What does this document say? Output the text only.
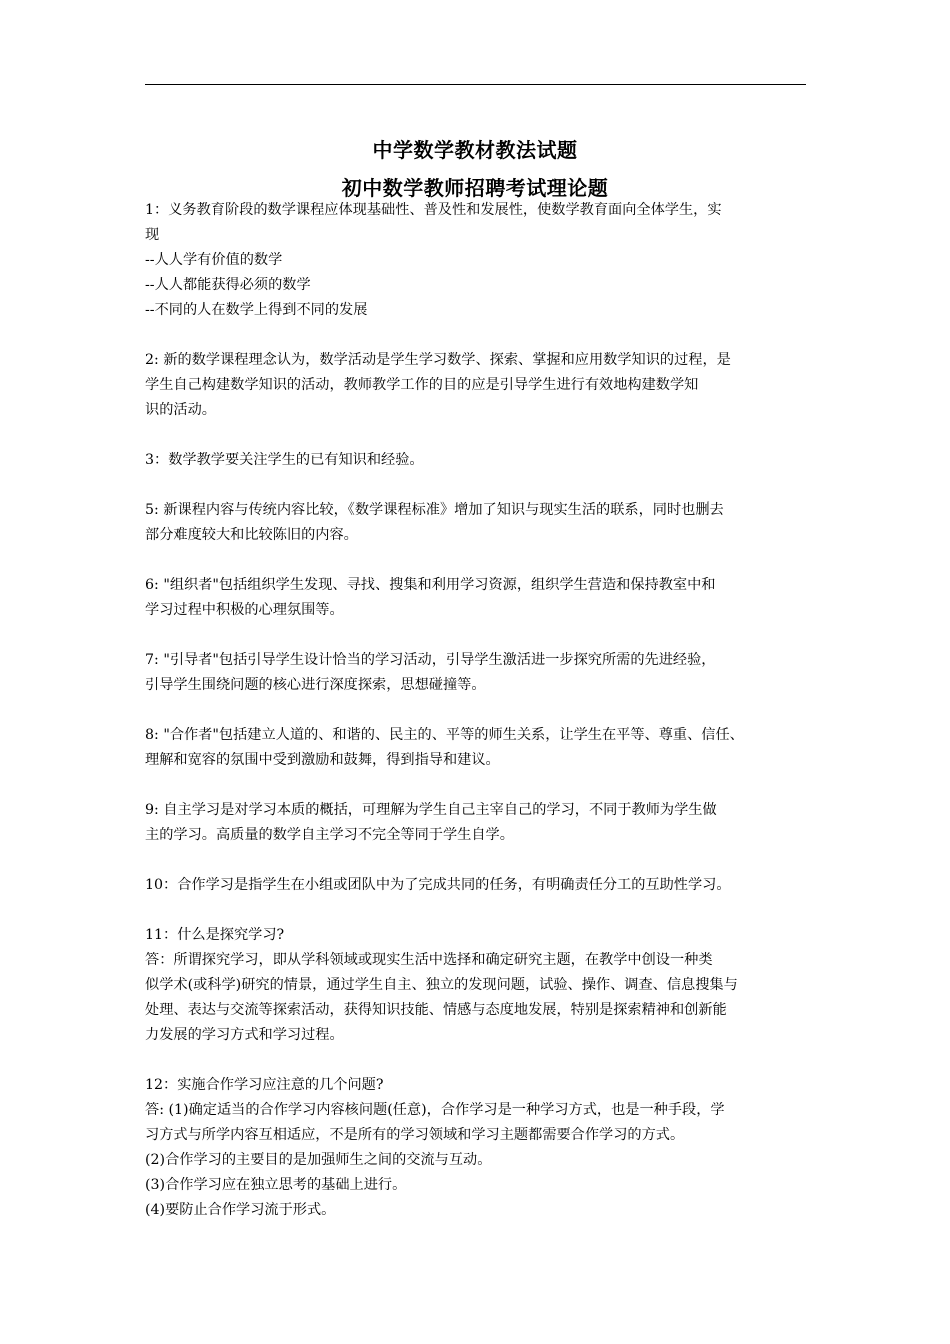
中学数学教材教法试题
初中数学教师招聘考试理论题

1：义务教育阶段的数学课程应体现基础性、普及性和发展性，使数学教育面向全体学生，实

现

--人人学有价值的数学

--人人都能获得必须的数学

--不同的人在数学上得到不同的发展

2: 新的数学课程理念认为，数学活动是学生学习数学、探索、掌握和应用数学知识的过程，是

学生自己构建数学知识的活动，教师教学工作的目的应是引导学生进行有效地构建数学知

识的活动。

3：数学教学要关注学生的已有知识和经验。

5: 新课程内容与传统内容比较，《数学课程标准》增加了知识与现实生活的联系，同时也删去

部分难度较大和比较陈旧的内容。

6: "组织者"包括组织学生发现、寻找、搜集和利用学习资源，组织学生营造和保持教室中和

学习过程中积极的心理氛围等。

7: "引导者"包括引导学生设计恰当的学习活动，引导学生激活进一步探究所需的先进经验，

引导学生围绕问题的核心进行深度探索，思想碰撞等。

8: "合作者"包括建立人道的、和谐的、民主的、平等的师生关系，让学生在平等、尊重、信任、

理解和宽容的氛围中受到激励和鼓舞，得到指导和建议。

9: 自主学习是对学习本质的概括，可理解为学生自己主宰自己的学习，不同于教师为学生做

主的学习。高质量的数学自主学习不完全等同于学生自学。

10：合作学习是指学生在小组或团队中为了完成共同的任务，有明确责任分工的互助性学习。

11：什么是探究学习?

答：所谓探究学习，即从学科领域或现实生活中选择和确定研究主题，在教学中创设一种类

似学术(或科学)研究的情景，通过学生自主、独立的发现问题，试验、操作、调查、信息搜集与

处理、表达与交流等探索活动，获得知识技能、情感与态度地发展，特别是探索精神和创新能

力发展的学习方式和学习过程。

12：实施合作学习应注意的几个问题?

答: (1)确定适当的合作学习内容核问题(任意)，合作学习是一种学习方式，也是一种手段，学

习方式与所学内容互相适应，不是所有的学习领域和学习主题都需要合作学习的方式。

(2)合作学习的主要目的是加强师生之间的交流与互动。

(3)合作学习应在独立思考的基础上进行。

(4)要防止合作学习流于形式。
